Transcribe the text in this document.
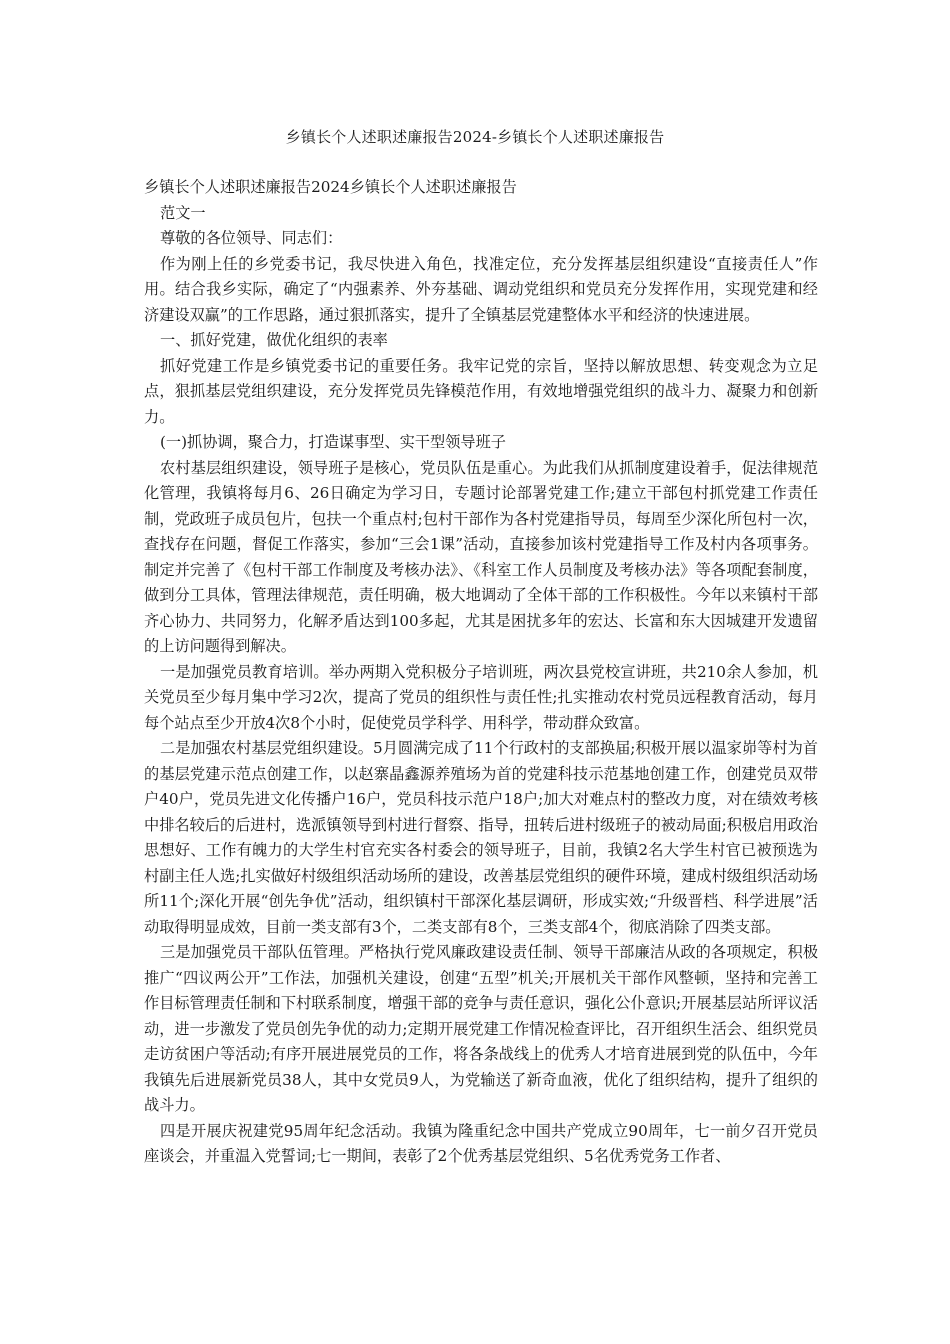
乡镇长个人述职述廉报告2024-乡镇长个人述职述廉报告

乡镇长个人述职述廉报告2024乡镇长个人述职述廉报告

范文一

尊敬的各位领导、同志们：

作为刚上任的乡党委书记，我尽快进入角色，找准定位，充分发挥基层组织建设“直接责任人”作用。结合我乡实际，确定了“内强素养、外夯基础、调动党组织和党员充分发挥作用，实现党建和经济建设双赢”的工作思路，通过狠抓落实，提升了全镇基层党建整体水平和经济的快速进展。

一、抓好党建，做优化组织的表率

抓好党建工作是乡镇党委书记的重要任务。我牢记党的宗旨，坚持以解放思想、转变观念为立足点，狠抓基层党组织建设，充分发挥党员先锋模范作用，有效地增强党组织的战斗力、凝聚力和创新力。

(一)抓协调，聚合力，打造谋事型、实干型领导班子

农村基层组织建设，领导班子是核心，党员队伍是重心。为此我们从抓制度建设着手，促法律规范化管理，我镇将每月6、26日确定为学习日，专题讨论部署党建工作;建立干部包村抓党建工作责任制，党政班子成员包片，包扶一个重点村;包村干部作为各村党建指导员，每周至少深化所包村一次，查找存在问题，督促工作落实，参加“三会1课”活动，直接参加该村党建指导工作及村内各项事务。制定并完善了《包村干部工作制度及考核办法》、《科室工作人员制度及考核办法》等各项配套制度，做到分工具体，管理法律规范，责任明确，极大地调动了全体干部的工作积极性。今年以来镇村干部齐心协力、共同努力，化解矛盾达到100多起，尤其是困扰多年的宏达、长富和东大因城建开发遗留的上访问题得到解决。

一是加强党员教育培训。举办两期入党积极分子培训班，两次县党校宣讲班，共210余人参加，机关党员至少每月集中学习2次，提高了党员的组织性与责任性;扎实推动农村党员远程教育活动，每月每个站点至少开放4次8个小时，促使党员学科学、用科学，带动群众致富。

二是加强农村基层党组织建设。5月圆满完成了11个行政村的支部换届;积极开展以温家峁等村为首的基层党建示范点创建工作，以赵寨晶鑫源养殖场为首的党建科技示范基地创建工作，创建党员双带户40户，党员先进文化传播户16户，党员科技示范户18户;加大对难点村的整改力度，对在绩效考核中排名较后的后进村，选派镇领导到村进行督察、指导，扭转后进村级班子的被动局面;积极启用政治思想好、工作有魄力的大学生村官充实各村委会的领导班子，目前，我镇2名大学生村官已被预选为村副主任人选;扎实做好村级组织活动场所的建设，改善基层党组织的硬件环境，建成村级组织活动场所11个;深化开展“创先争优”活动，组织镇村干部深化基层调研，形成实效;“升级晋档、科学进展”活动取得明显成效，目前一类支部有3个，二类支部有8个，三类支部4个，彻底消除了四类支部。

三是加强党员干部队伍管理。严格执行党风廉政建设责任制、领导干部廉洁从政的各项规定，积极推广“四议两公开”工作法，加强机关建设，创建“五型”机关;开展机关干部作风整顿，坚持和完善工作目标管理责任制和下村联系制度，增强干部的竞争与责任意识，强化公仆意识;开展基层站所评议活动，进一步激发了党员创先争优的动力;定期开展党建工作情况检查评比，召开组织生活会、组织党员走访贫困户等活动;有序开展进展党员的工作，将各条战线上的优秀人才培育进展到党的队伍中，今年我镇先后进展新党员38人，其中女党员9人，为党输送了新奇血液，优化了组织结构，提升了组织的战斗力。

四是开展庆祝建党95周年纪念活动。我镇为隆重纪念中国共产党成立90周年，七一前夕召开党员座谈会，并重温入党誓词;七一期间，表彰了2个优秀基层党组织、5名优秀党务工作者、
